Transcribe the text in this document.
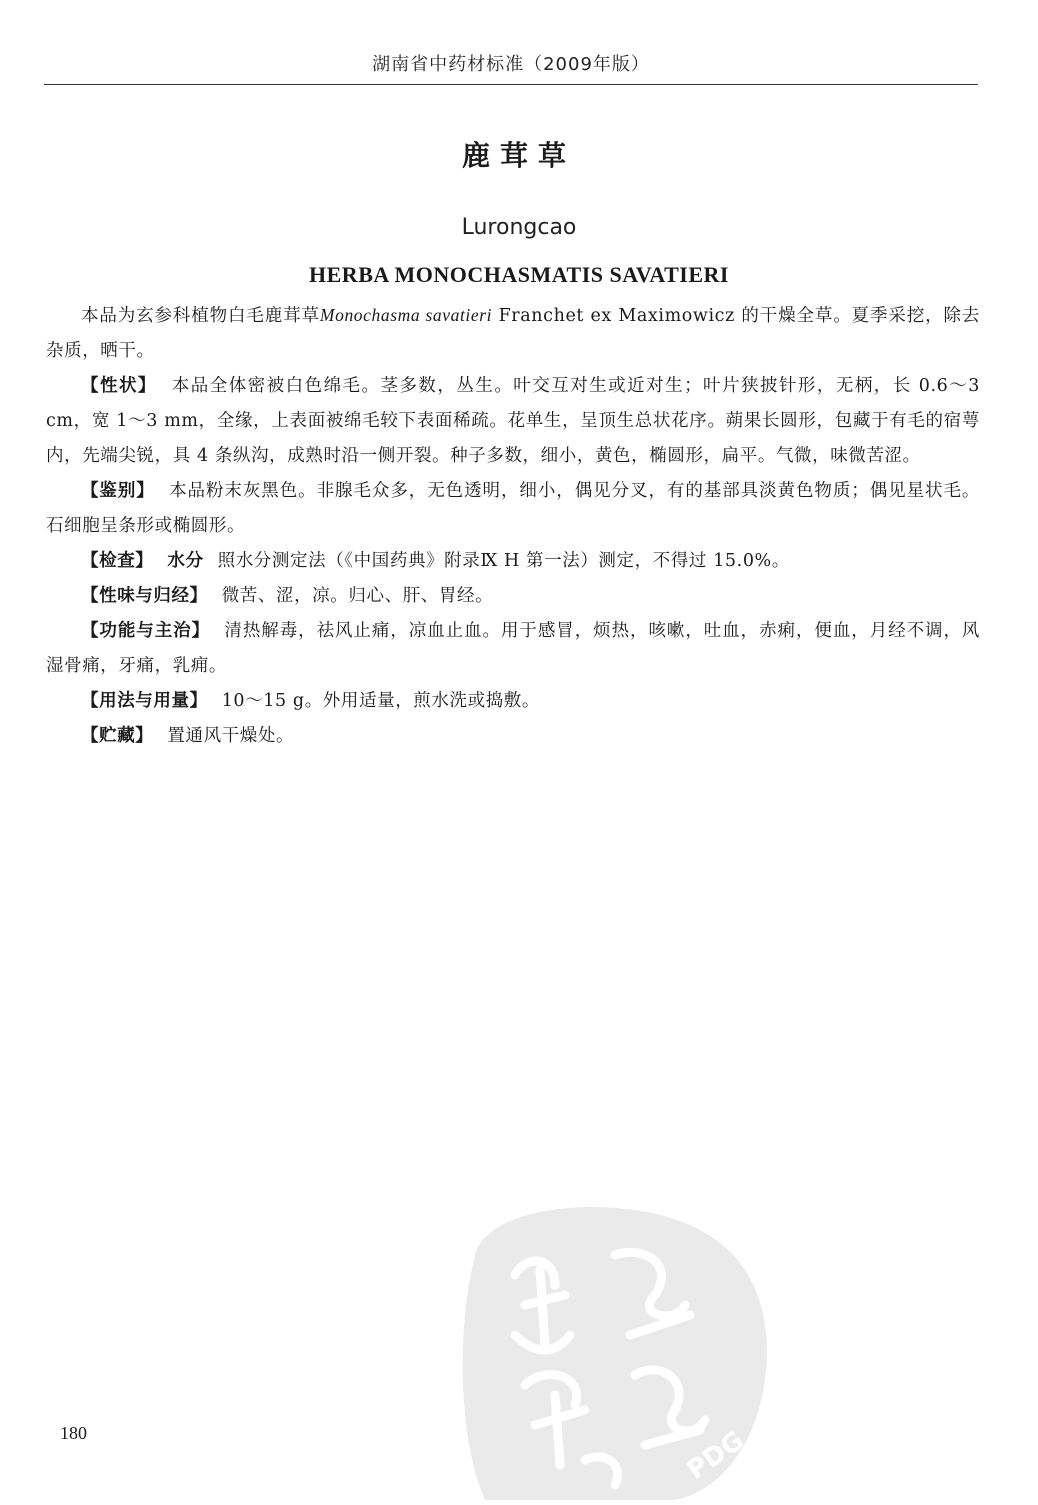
湖南省中药材标准（2009年版）
鹿茸草
Lurongcao
HERBA MONOCHASMATIS SAVATIERI

本品为玄参科植物白毛鹿茸草Monochasma savatieri Franchet ex Maximowicz 的干燥全草。夏季采挖，除去杂质，晒干。

【性状】 本品全体密被白色绵毛。茎多数，丛生。叶交互对生或近对生；叶片狭披针形，无柄，长 0.6～3 cm，宽 1～3 mm，全缘，上表面被绵毛较下表面稀疏。花单生，呈顶生总状花序。蒴果长圆形，包藏于有毛的宿萼内，先端尖锐，具 4 条纵沟，成熟时沿一侧开裂。种子多数，细小，黄色，椭圆形，扁平。气微，味微苦涩。

【鉴别】 本品粉末灰黑色。非腺毛众多，无色透明，细小，偶见分叉，有的基部具淡黄色物质；偶见星状毛。石细胞呈条形或椭圆形。

【检查】 水分 照水分测定法（《中国药典》附录Ⅸ H 第一法）测定，不得过 15.0%。

【性味与归经】 微苦、涩，凉。归心、肝、胃经。

【功能与主治】 清热解毒，祛风止痛，凉血止血。用于感冒，烦热，咳嗽，吐血，赤痢，便血，月经不调，风湿骨痛，牙痛，乳痈。

【用法与用量】 10～15 g。外用适量，煎水洗或捣敷。

【贮藏】 置通风干燥处。

180	PDG
